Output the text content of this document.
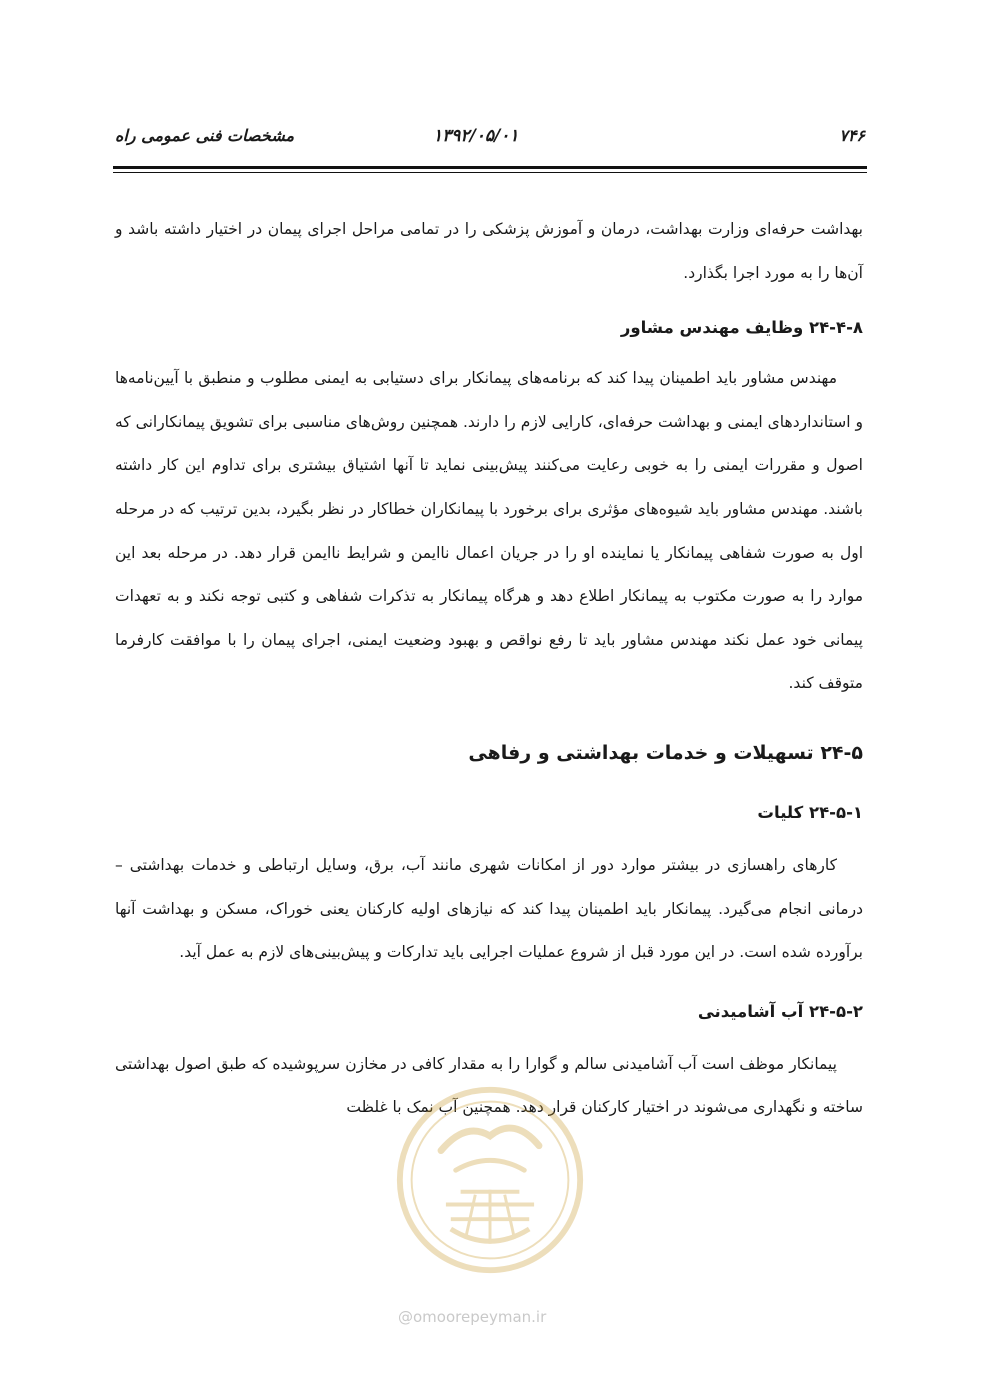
مشخصات فنی عمومی راه	۱۳۹۲/۰۵/۰۱	۷۴۶

بهداشت حرفه‌ای وزارت بهداشت، درمان و آموزش پزشکی را در تمامی مراحل اجرای پیمان در اختیار داشته باشد و آن‌ها را به مورد اجرا بگذارد.

۲۴-۴-۸ وظایف مهندس مشاور

مهندس مشاور باید اطمینان پیدا کند که برنامه‌های پیمانکار برای دستیابی به ایمنی مطلوب و منطبق با آیین‌نامه‌ها و استانداردهای ایمنی و بهداشت حرفه‌ای، کارایی لازم را دارند. همچنین روش‌های مناسبی برای تشویق پیمانکارانی که اصول و مقررات ایمنی را به خوبی رعایت می‌کنند پیش‌بینی نماید تا آنها اشتیاق بیشتری برای تداوم این کار داشته باشند. مهندس مشاور باید شیوه‌های مؤثری برای برخورد با پیمانکاران خطاکار در نظر بگیرد، بدین ترتیب که در مرحله اول به صورت شفاهی پیمانکار یا نماینده او را در جریان اعمال ناایمن و شرایط ناایمن قرار دهد. در مرحله بعد این موارد را به صورت مکتوب به پیمانکار اطلاع دهد و هرگاه پیمانکار به تذکرات شفاهی و کتبی توجه نکند و به تعهدات پیمانی خود عمل نکند مهندس مشاور باید تا رفع نواقص و بهبود وضعیت ایمنی، اجرای پیمان را با موافقت کارفرما متوقف کند.

۲۴-۵ تسهیلات و خدمات بهداشتی و رفاهی

۲۴-۵-۱ کلیات

کارهای راهسازی در بیشتر موارد دور از امکانات شهری مانند آب، برق، وسایل ارتباطی و خدمات بهداشتی – درمانی انجام می‌گیرد. پیمانکار باید اطمینان پیدا کند که نیازهای اولیه کارکنان یعنی خوراک، مسکن و بهداشت آنها برآورده شده است. در این مورد قبل از شروع عملیات اجرایی باید تدارکات و پیش‌بینی‌های لازم به عمل آید.

۲۴-۵-۲ آب آشامیدنی

پیمانکار موظف است آب آشامیدنی سالم و گوارا را به مقدار کافی در مخازن سرپوشیده که طبق اصول بهداشتی ساخته و نگهداری می‌شوند در اختیار کارکنان قرار دهد. همچنین آب نمک با غلظت

@omoorepeyman.ir
